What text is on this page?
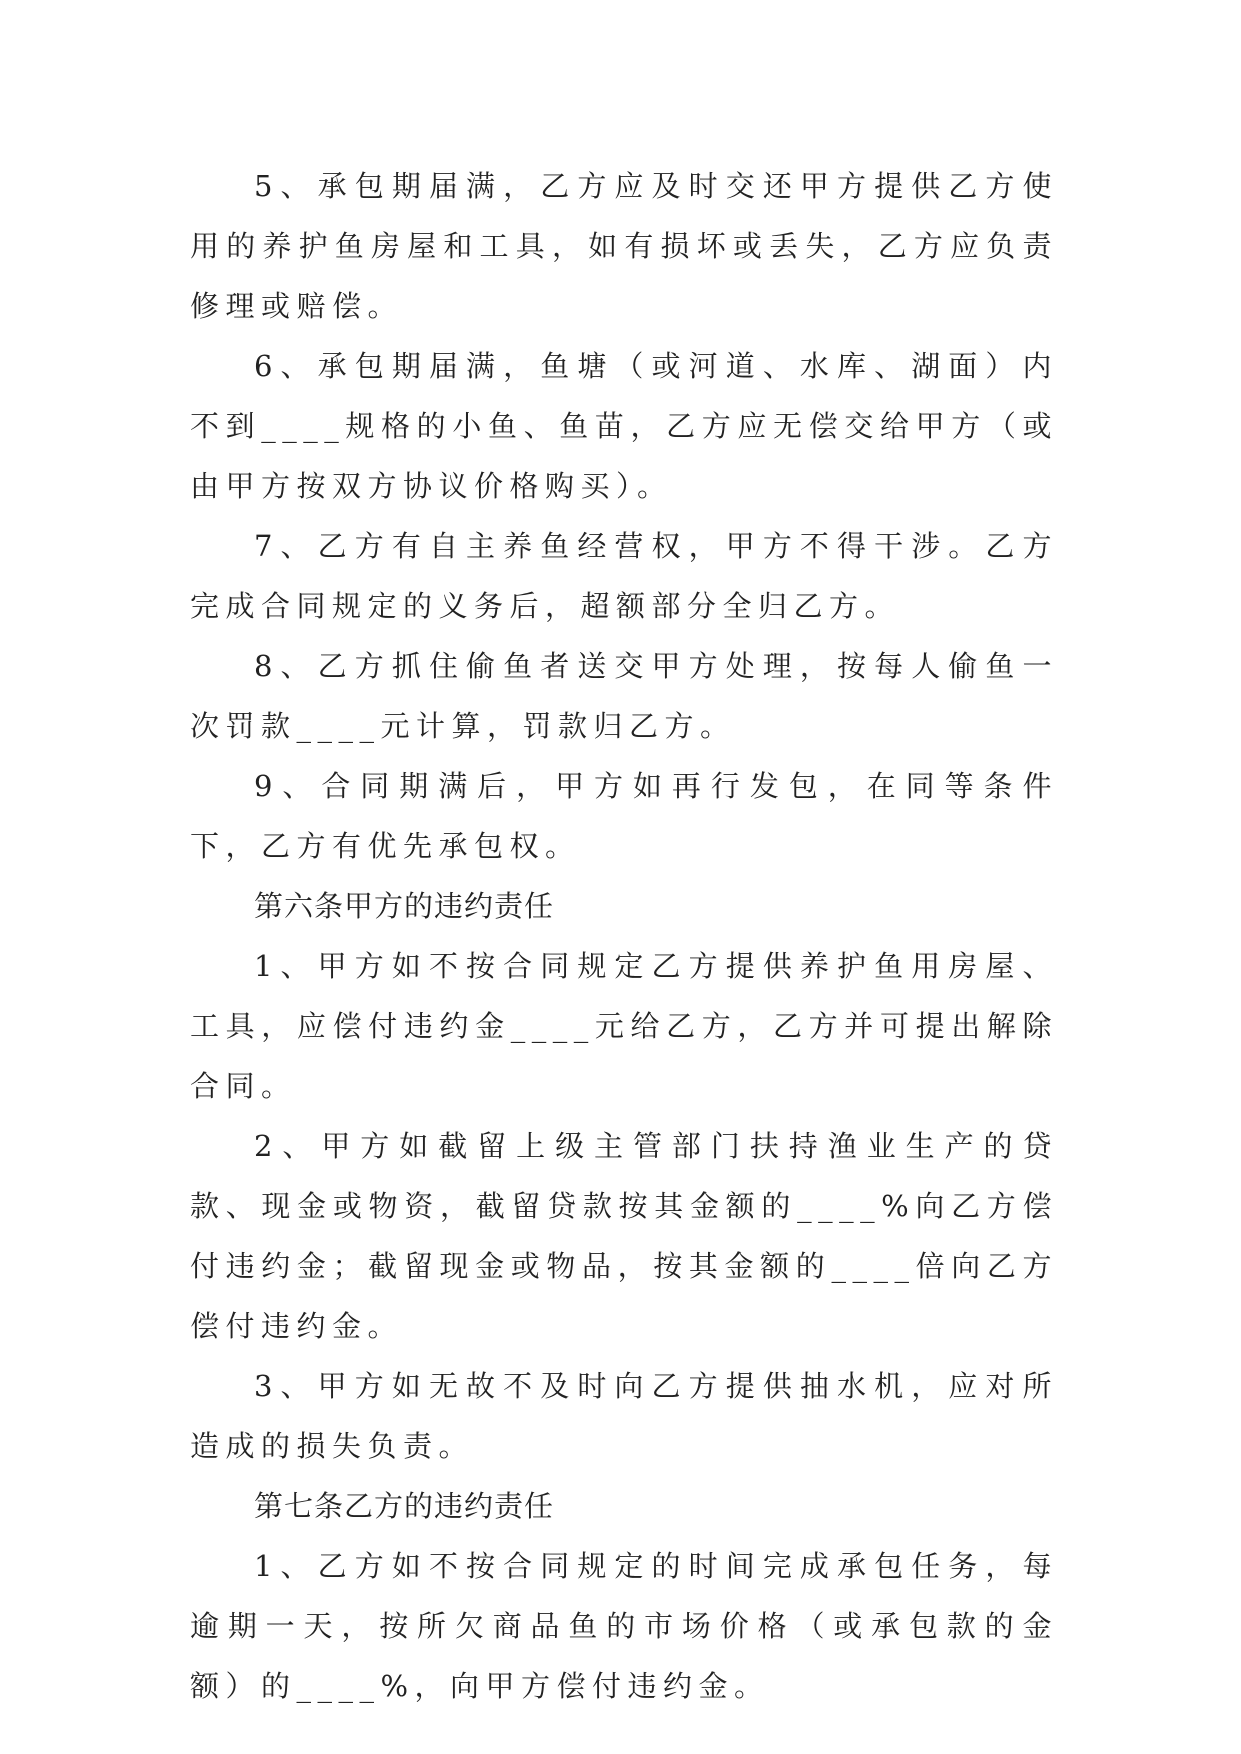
5、承包期届满，乙方应及时交还甲方提供乙方使用的养护鱼房屋和工具，如有损坏或丢失，乙方应负责修理或赔偿。

6、承包期届满，鱼塘（或河道、水库、湖面）内不到____规格的小鱼、鱼苗，乙方应无偿交给甲方（或由甲方按双方协议价格购买）。

7、乙方有自主养鱼经营权，甲方不得干涉。乙方完成合同规定的义务后，超额部分全归乙方。

8、乙方抓住偷鱼者送交甲方处理，按每人偷鱼一次罚款____元计算，罚款归乙方。

9、合同期满后，甲方如再行发包，在同等条件下，乙方有优先承包权。

第六条甲方的违约责任

1、甲方如不按合同规定乙方提供养护鱼用房屋、工具，应偿付违约金____元给乙方，乙方并可提出解除合同。

2、甲方如截留上级主管部门扶持渔业生产的贷款、现金或物资，截留贷款按其金额的____%向乙方偿付违约金；截留现金或物品，按其金额的____倍向乙方偿付违约金。

3、甲方如无故不及时向乙方提供抽水机，应对所造成的损失负责。

第七条乙方的违约责任

1、乙方如不按合同规定的时间完成承包任务，每逾期一天，按所欠商品鱼的市场价格（或承包款的金额）的____%，向甲方偿付违约金。
